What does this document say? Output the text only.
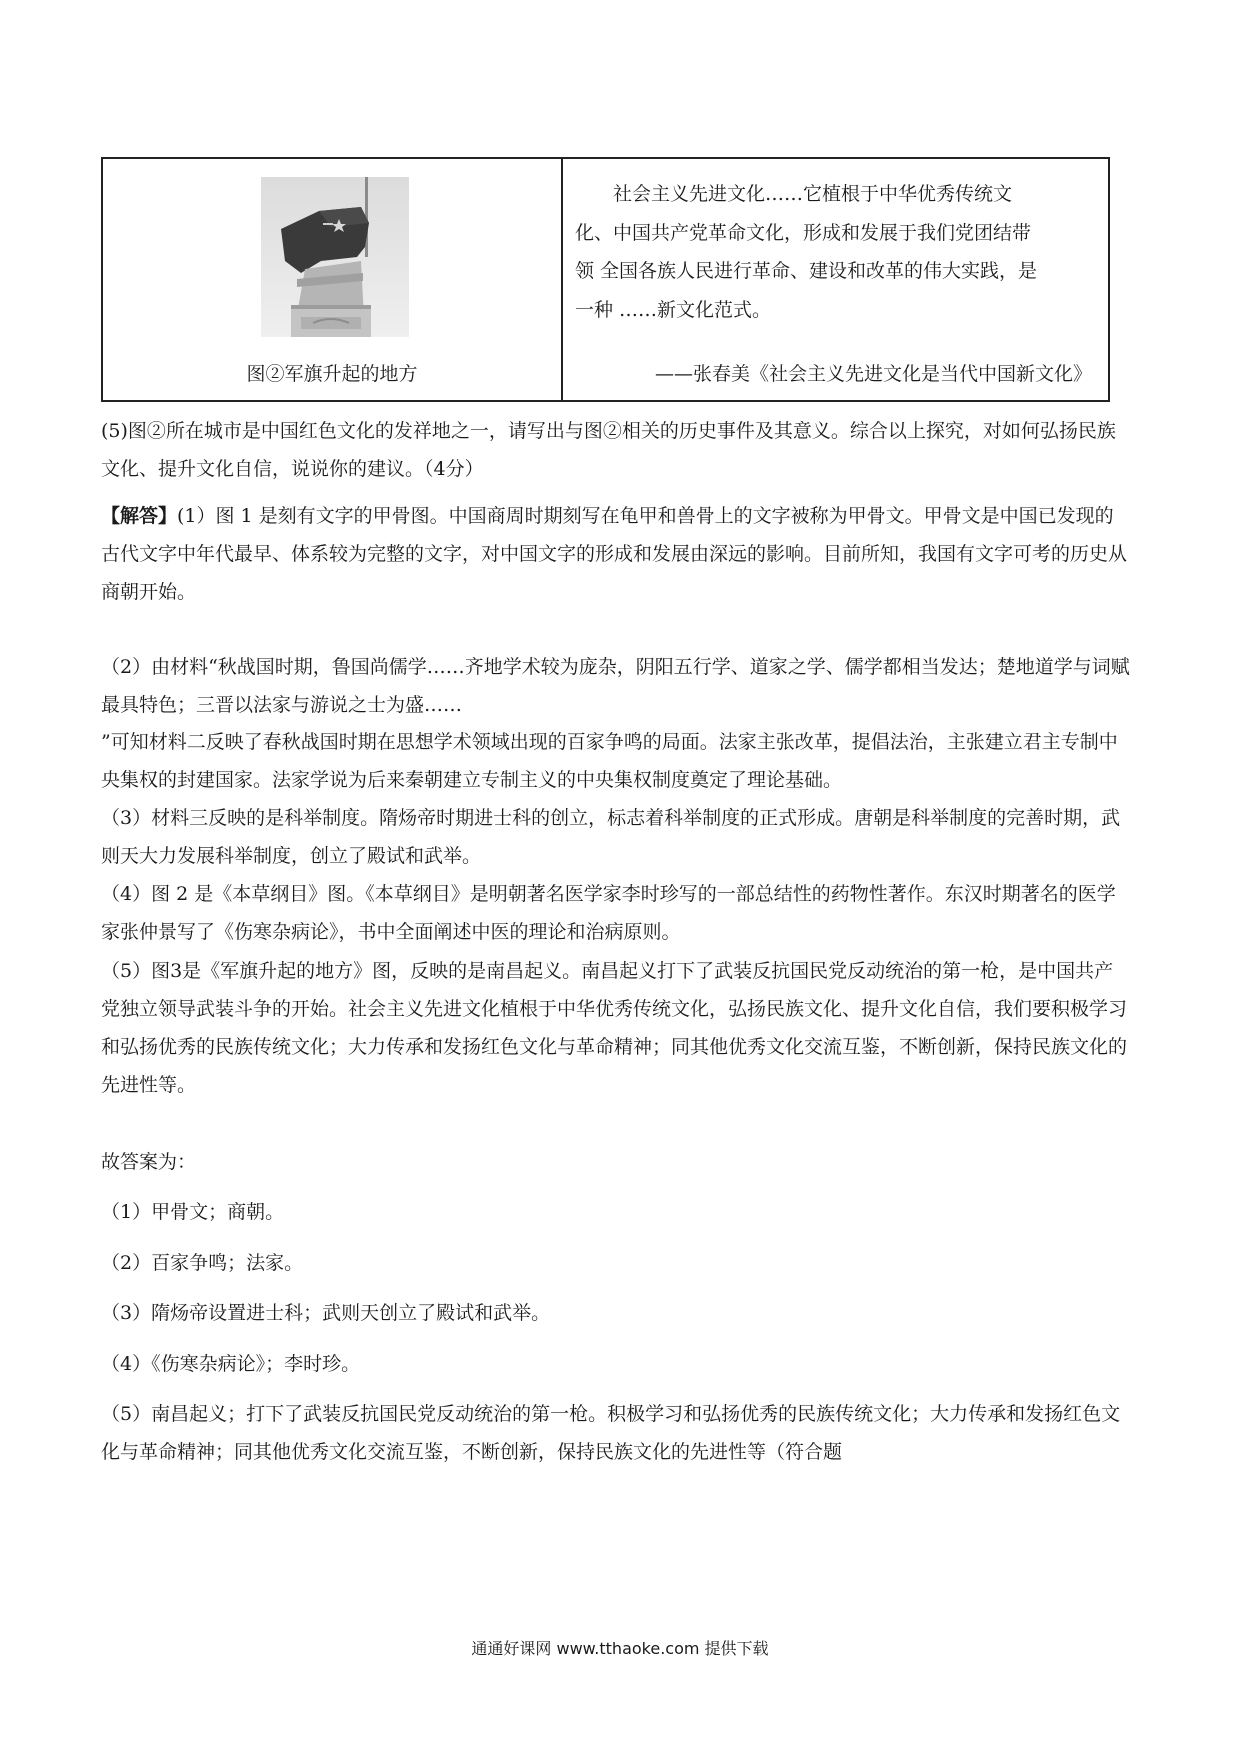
图②军旗升起的地方

社会主义先进文化……它植根于中华优秀传统文化、中国共产党革命文化，形成和发展于我们党团结带领 全国各族人民进行革命、建设和改革的伟大实践，是一种 ……新文化范式。

——张春美《社会主义先进文化是当代中国新文化》

(5)图②所在城市是中国红色文化的发祥地之一，请写出与图②相关的历史事件及其意义。综合以上探究，对如何弘扬民族文化、提升文化自信，说说你的建议。（4分）

【解答】(1）图 1 是刻有文字的甲骨图。中国商周时期刻写在龟甲和兽骨上的文字被称为甲骨文。甲骨文是中国已发现的古代文字中年代最早、体系较为完整的文字，对中国文字的形成和发展由深远的影响。目前所知，我国有文字可考的历史从商朝开始。

（2）由材料“秋战国时期，鲁国尚儒学……齐地学术较为庞杂，阴阳五行学、道家之学、儒学都相当发达；楚地道学与词赋最具特色；三晋以法家与游说之士为盛……

”可知材料二反映了春秋战国时期在思想学术领域出现的百家争鸣的局面。法家主张改革，提倡法治，主张建立君主专制中央集权的封建国家。法家学说为后来秦朝建立专制主义的中央集权制度奠定了理论基础。

（3）材料三反映的是科举制度。隋炀帝时期进士科的创立，标志着科举制度的正式形成。唐朝是科举制度的完善时期，武则天大力发展科举制度，创立了殿试和武举。

（4）图 2 是《本草纲目》图。《本草纲目》是明朝著名医学家李时珍写的一部总结性的药物性著作。东汉时期著名的医学家张仲景写了《伤寒杂病论》，书中全面阐述中医的理论和治病原则。

（5）图3是《军旗升起的地方》图，反映的是南昌起义。南昌起义打下了武装反抗国民党反动统治的第一枪，是中国共产党独立领导武装斗争的开始。社会主义先进文化植根于中华优秀传统文化，弘扬民族文化、提升文化自信，我们要积极学习和弘扬优秀的民族传统文化；大力传承和发扬红色文化与革命精神；同其他优秀文化交流互鉴，不断创新，保持民族文化的先进性等。

故答案为：

（1）甲骨文；商朝。

（2）百家争鸣；法家。

（3）隋炀帝设置进士科；武则天创立了殿试和武举。

（4）《伤寒杂病论》；李时珍。

（5）南昌起义；打下了武装反抗国民党反动统治的第一枪。积极学习和弘扬优秀的民族传统文化；大力传承和发扬红色文化与革命精神；同其他优秀文化交流互鉴，不断创新，保持民族文化的先进性等（符合题

通通好课网 www.tthaoke.com 提供下载
